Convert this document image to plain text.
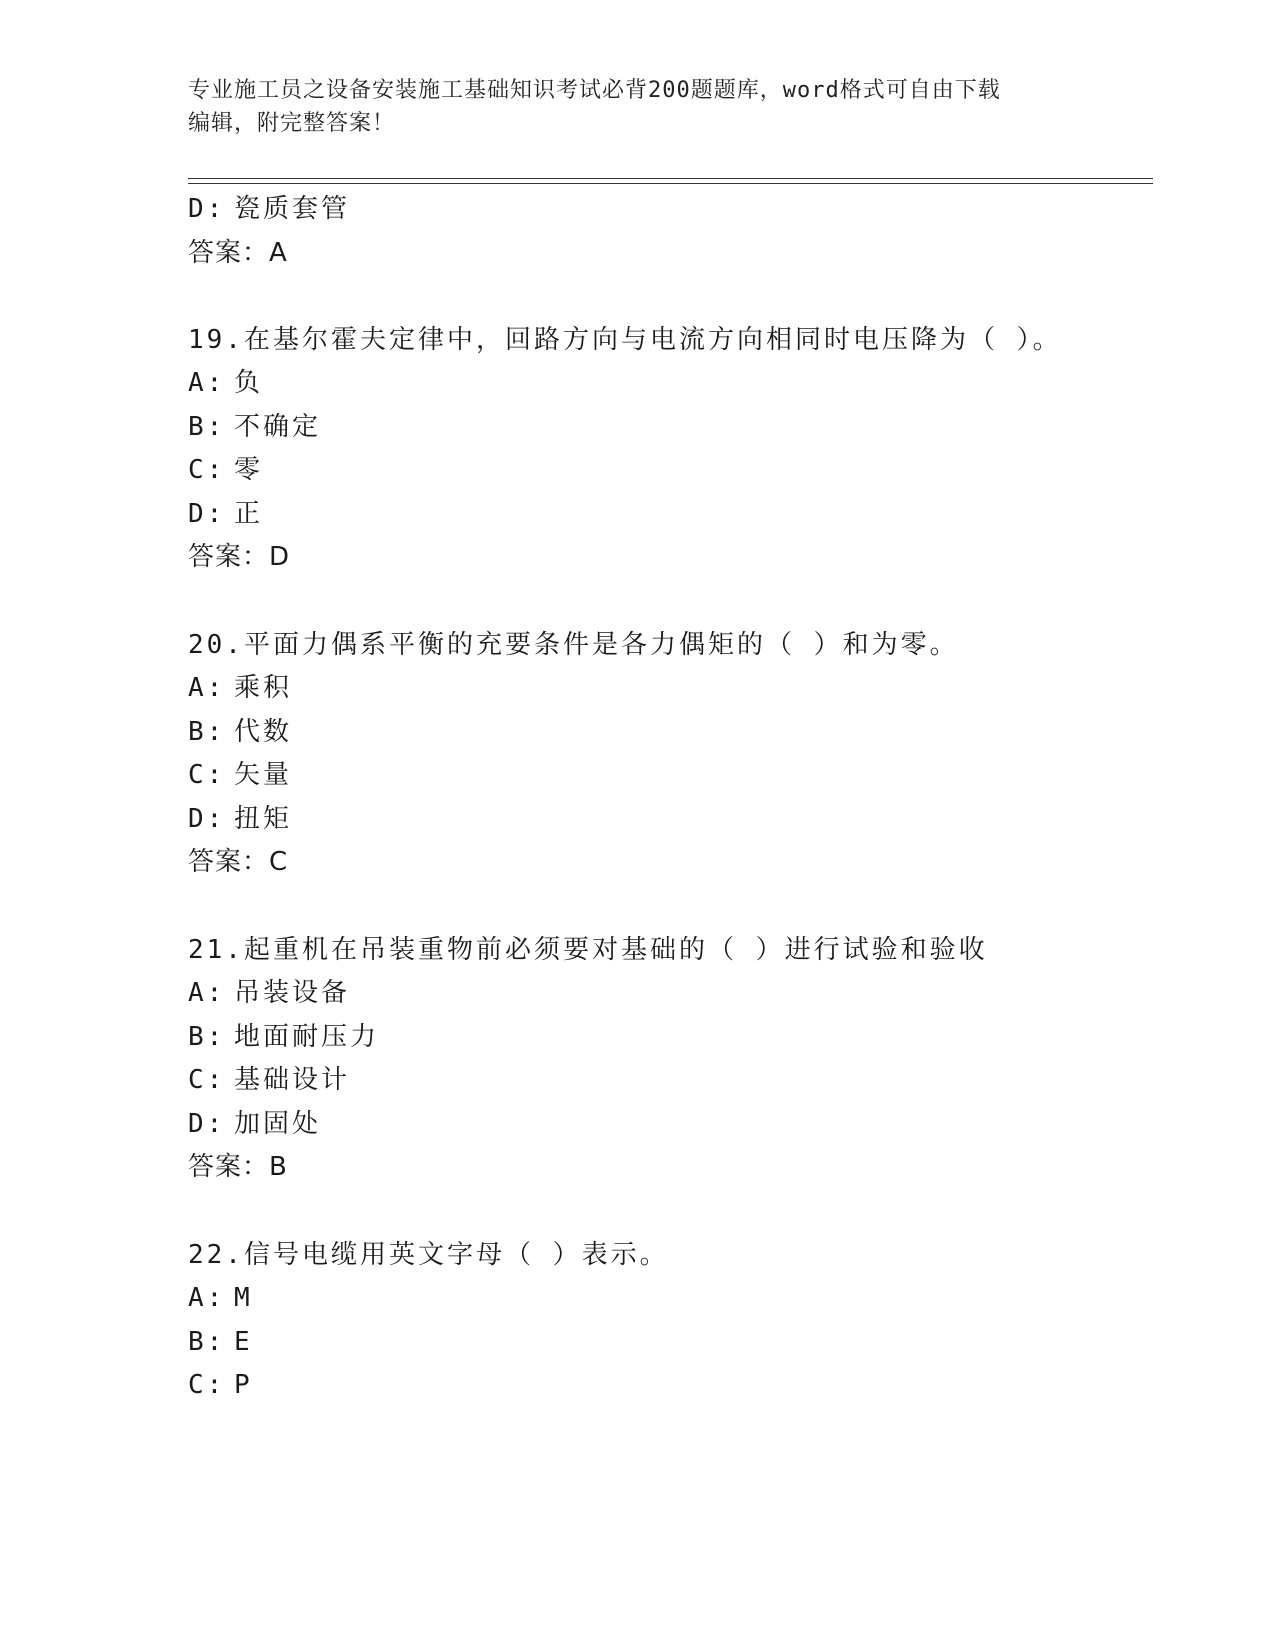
专业施工员之设备安装施工基础知识考试必背200题题库，word格式可自由下载
编辑，附完整答案！
D: 瓷质套管
答案：A
19.在基尔霍夫定律中，回路方向与电流方向相同时电压降为（ ）。
A: 负
B: 不确定
C: 零
D: 正
答案：D
20.平面力偶系平衡的充要条件是各力偶矩的（ ）和为零。
A: 乘积
B: 代数
C: 矢量
D: 扭矩
答案：C
21.起重机在吊装重物前必须要对基础的（ ）进行试验和验收
A: 吊装设备
B: 地面耐压力
C: 基础设计
D: 加固处
答案：B
22.信号电缆用英文字母（ ）表示。
A: M
B: E
C: P
